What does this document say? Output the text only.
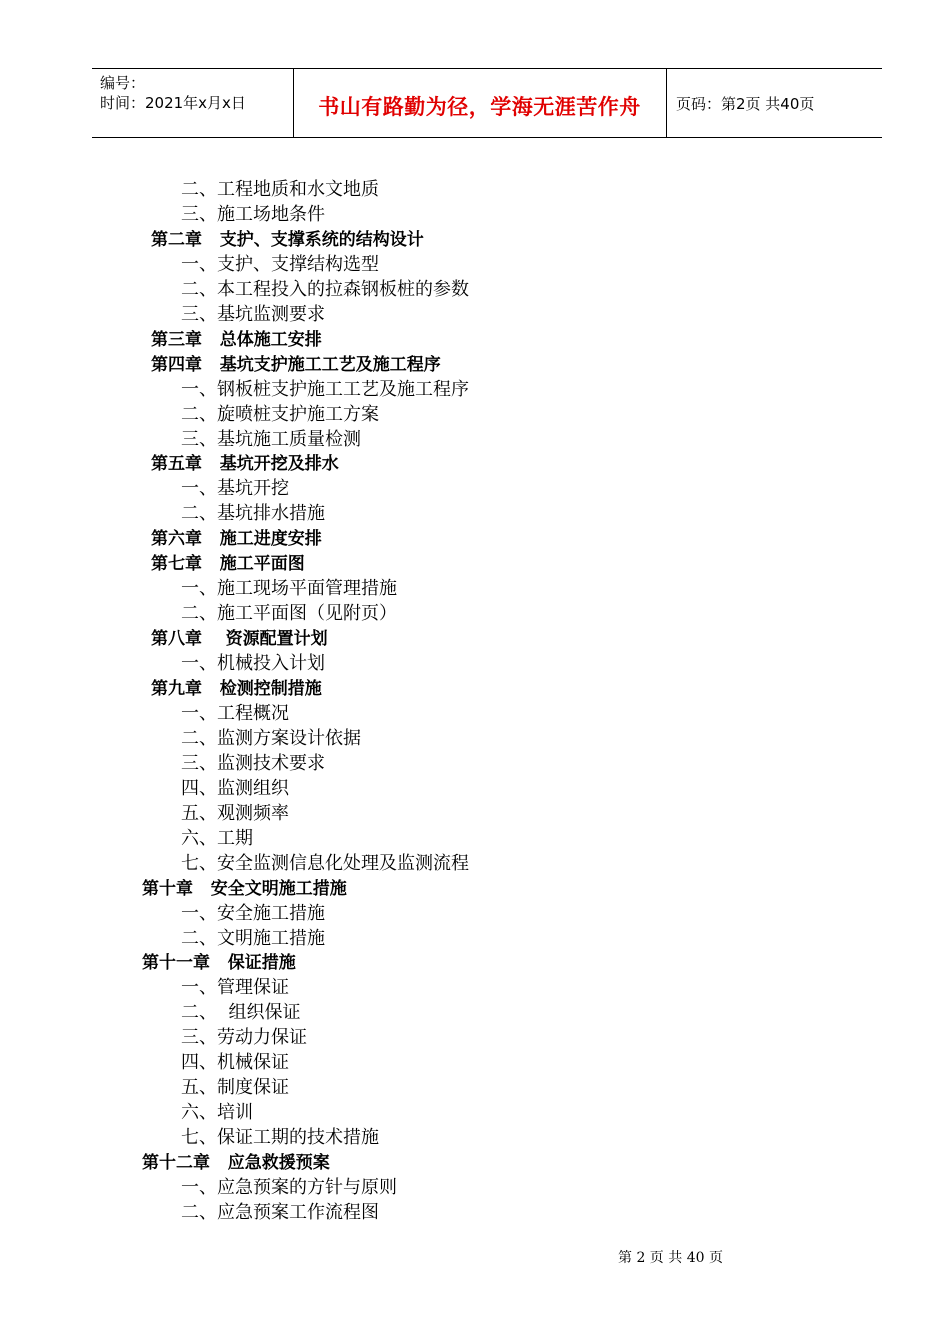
编号：
时间：2021年x月x日	书山有路勤为径，学海无涯苦作舟	页码：第2页 共40页
二、工程地质和水文地质
三、施工场地条件
第二章   支护、支撑系统的结构设计
一、支护、支撑结构选型
二、本工程投入的拉森钢板桩的参数
三、基坑监测要求
第三章   总体施工安排
第四章   基坑支护施工工艺及施工程序
一、钢板桩支护施工工艺及施工程序
二、旋喷桩支护施工方案
三、基坑施工质量检测
第五章   基坑开挖及排水
一、基坑开挖
二、基坑排水措施
第六章   施工进度安排
第七章   施工平面图
一、施工现场平面管理措施
二、施工平面图（见附页）
第八章    资源配置计划
一、机械投入计划
第九章   检测控制措施
一、工程概况
二、监测方案设计依据
三、监测技术要求
四、监测组织
五、观测频率
六、工期
七、安全监测信息化处理及监测流程
第十章   安全文明施工措施
一、安全施工措施
二、文明施工措施
第十一章   保证措施
一、管理保证
二、  组织保证
三、劳动力保证
四、机械保证
五、制度保证
六、培训
七、保证工期的技术措施
第十二章   应急救援预案
一、应急预案的方针与原则
二、应急预案工作流程图
第 2 页 共 40 页
